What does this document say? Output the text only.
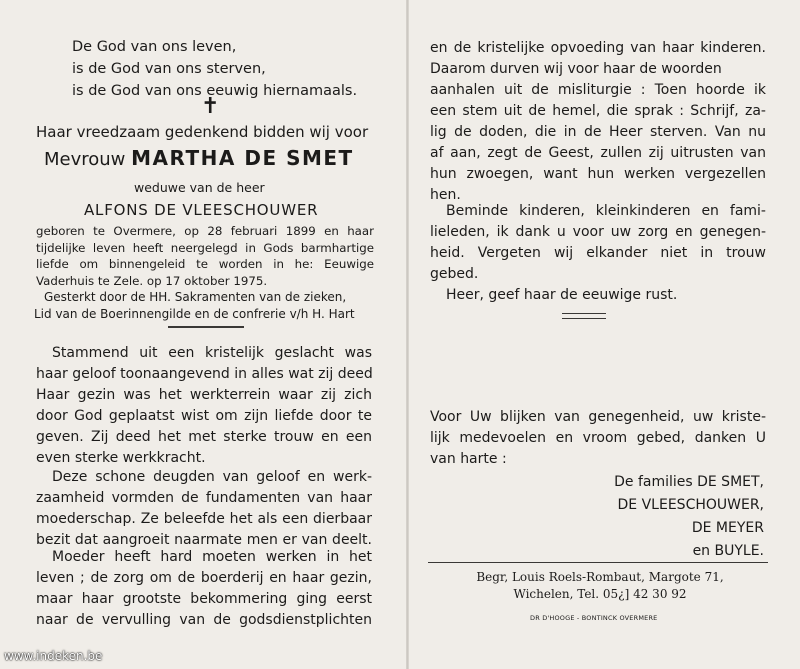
De God van ons leven,
is de God van ons sterven,
is de God van ons eeuwig hiernamaals.
✝
Haar vreedzaam gedenkend bidden wij voor
Mevrouw MARTHA DE SMET
weduwe van de heer
ALFONS DE VLEESCHOUWER
geboren te Overmere, op 28 februari 1899 en haar
tijdelijke leven heeft neergelegd in Gods barmhartige
liefde om binnengeleid te worden in he: Eeuwige
Vaderhuis te Zele. op 17 oktober 1975.
Gesterkt door de HH. Sakramenten van de zieken,
Lid van de Boerinnengilde en de confrerie v/h H. Hart
Stammend uit een kristelijk geslacht was
haar geloof toonaangevend in alles wat zij deed
Haar gezin was het werkterrein waar zij zich
door God geplaatst wist om zijn liefde door te
geven. Zij deed het met sterke trouw en een
even sterke werkkracht.
Deze schone deugden van geloof en werk-
zaamheid vormden de fundamenten van haar
moederschap. Ze beleefde het als een dierbaar
bezit dat aangroeit naarmate men er van deelt.
Moeder heeft hard moeten werken in het
leven ; de zorg om de boerderij en haar gezin,
maar haar grootste bekommering ging eerst
naar de vervulling van de godsdienstplichten
en de kristelijke opvoeding van haar kinderen.
Daarom durven wij voor haar de woorden
aanhalen uit de misliturgie : Toen hoorde ik
een stem uit de hemel, die sprak : Schrijf, za-
lig de doden, die in de Heer sterven. Van nu
af aan, zegt de Geest, zullen zij uitrusten van
hun zwoegen, want hun werken vergezellen
hen.
Beminde kinderen, kleinkinderen en fami-
lieleden, ik dank u voor uw zorg en genegen-
heid. Vergeten wij elkander niet in trouw
gebed.
Heer, geef haar de eeuwige rust.
Voor Uw blijken van genegenheid, uw kriste-
lijk medevoelen en vroom gebed, danken U
van harte :
De families DE SMET,
DE VLEESCHOUWER,
DE MEYER
en BUYLE.
Begr, Louis Roels-Rombaut, Margote 71,
Wichelen, Tel. 05¿] 42 30 92
DR D'HOOGE - BONTINCK OVERMERE
www.indeken.be
